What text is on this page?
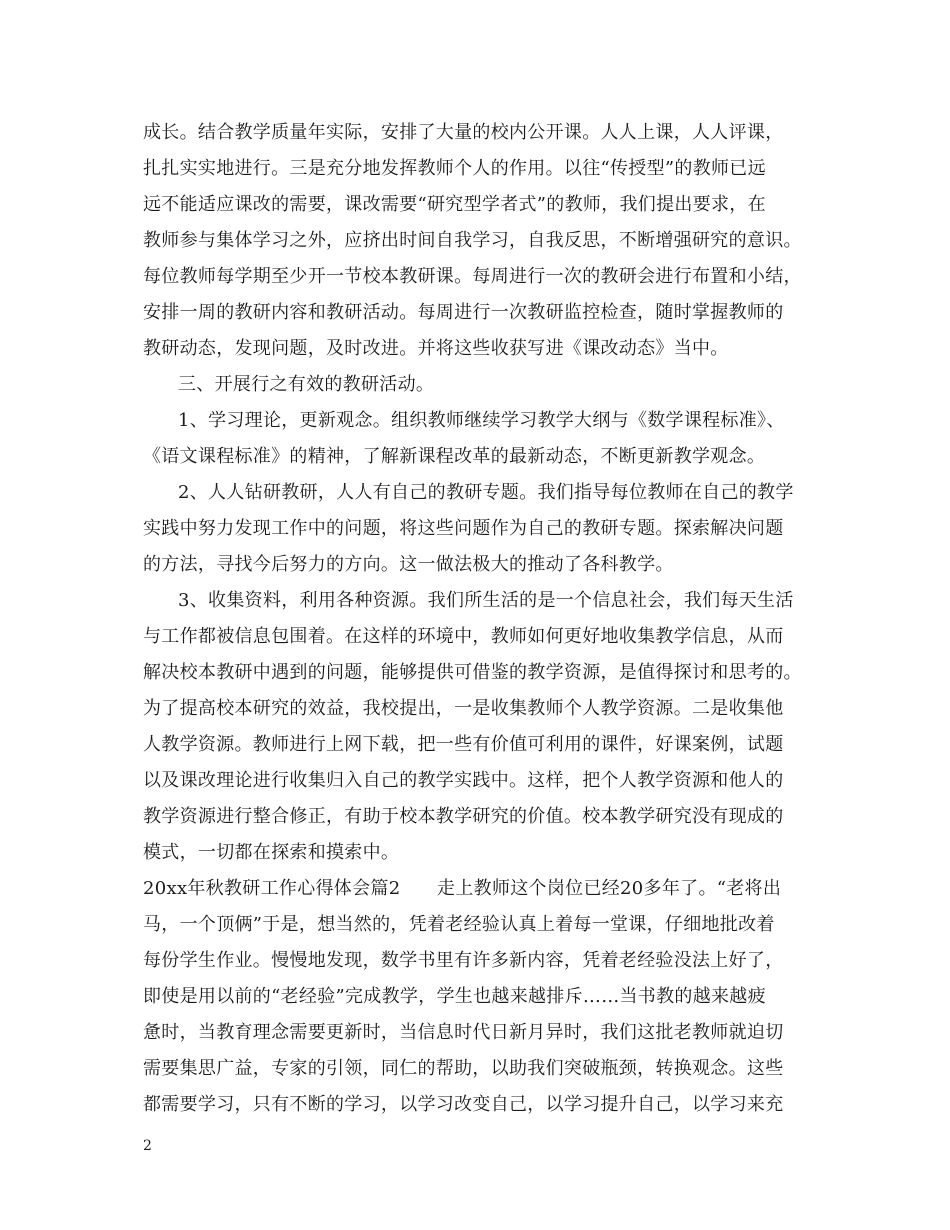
成长。结合教学质量年实际，安排了大量的校内公开课。人人上课，人人评课，
扎扎实实地进行。三是充分地发挥教师个人的作用。以往“传授型”的教师已远
远不能适应课改的需要，课改需要“研究型学者式”的教师，我们提出要求，在
教师参与集体学习之外，应挤出时间自我学习，自我反思，不断增强研究的意识。
每位教师每学期至少开一节校本教研课。每周进行一次的教研会进行布置和小结，
安排一周的教研内容和教研活动。每周进行一次教研监控检查，随时掌握教师的
教研动态，发现问题，及时改进。并将这些收获写进《课改动态》当中。
三、开展行之有效的教研活动。
1、学习理论，更新观念。组织教师继续学习教学大纲与《数学课程标准》、
《语文课程标准》的精神，了解新课程改革的最新动态，不断更新教学观念。
2、人人钻研教研，人人有自己的教研专题。我们指导每位教师在自己的教学
实践中努力发现工作中的问题，将这些问题作为自己的教研专题。探索解决问题
的方法，寻找今后努力的方向。这一做法极大的推动了各科教学。
3、收集资料，利用各种资源。我们所生活的是一个信息社会，我们每天生活
与工作都被信息包围着。在这样的环境中，教师如何更好地收集教学信息，从而
解决校本教研中遇到的问题，能够提供可借鉴的教学资源，是值得探讨和思考的。
为了提高校本研究的效益，我校提出，一是收集教师个人教学资源。二是收集他
人教学资源。教师进行上网下载，把一些有价值可利用的课件，好课案例，试题
以及课改理论进行收集归入自己的教学实践中。这样，把个人教学资源和他人的
教学资源进行整合修正，有助于校本教学研究的价值。校本教学研究没有现成的
模式，一切都在探索和摸索中。
20xx年秋教研工作心得体会篇2　　走上教师这个岗位已经20多年了。“老将出
马，一个顶俩”于是，想当然的，凭着老经验认真上着每一堂课，仔细地批改着
每份学生作业。慢慢地发现，数学书里有许多新内容，凭着老经验没法上好了，
即使是用以前的“老经验”完成教学，学生也越来越排斥……当书教的越来越疲
惫时，当教育理念需要更新时，当信息时代日新月异时，我们这批老教师就迫切
需要集思广益，专家的引领，同仁的帮助，以助我们突破瓶颈，转换观念。这些
都需要学习，只有不断的学习，以学习改变自己，以学习提升自己，以学习来充
2
